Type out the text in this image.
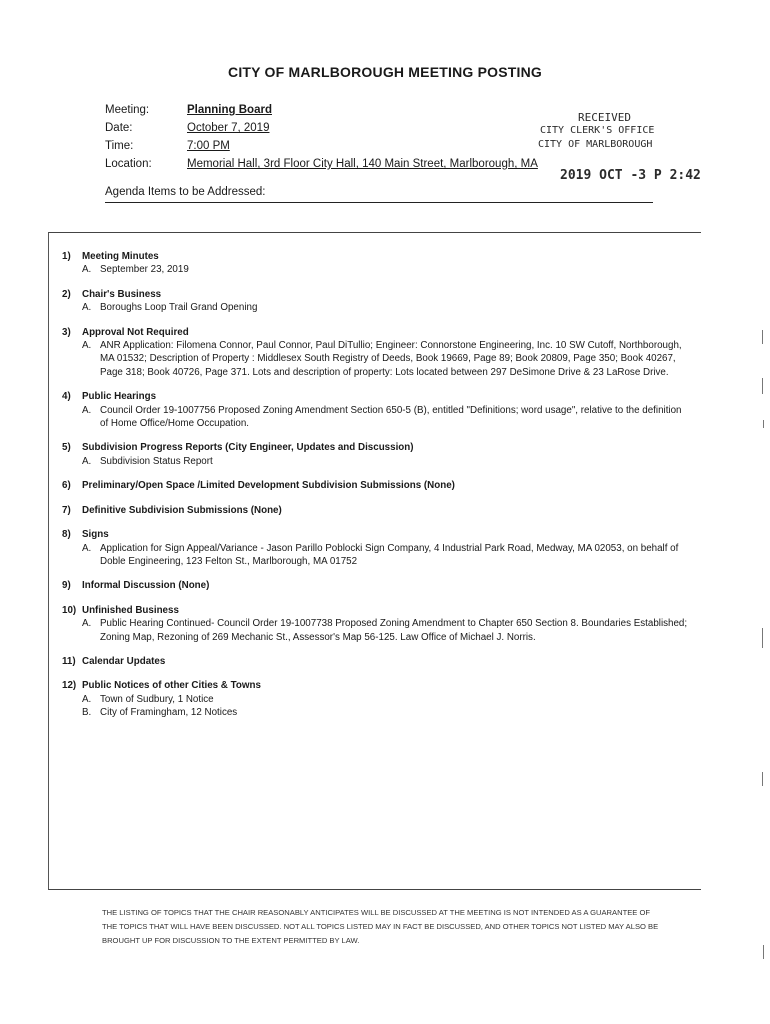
CITY OF MARLBOROUGH MEETING POSTING
Meeting:	Planning Board
Date:	October 7, 2019
Time:	7:00 PM
Location:	Memorial Hall, 3rd Floor City Hall, 140 Main Street, Marlborough, MA
Agenda Items to be Addressed:
RECEIVED
CITY CLERK'S OFFICE
CITY OF MARLBOROUGH
2019 OCT -3 P 2:42
1) Meeting Minutes
A. September 23, 2019
2) Chair's Business
A. Boroughs Loop Trail Grand Opening
3) Approval Not Required
A. ANR Application: Filomena Connor, Paul Connor, Paul DiTullio; Engineer: Connorstone Engineering, Inc. 10 SW Cutoff, Northborough, MA 01532; Description of Property : Middlesex South Registry of Deeds, Book 19669, Page 89; Book 20809, Page 350; Book 40267, Page 318; Book 40726, Page 371. Lots and description of property: Lots located between 297 DeSimone Drive & 23 LaRose Drive.
4) Public Hearings
A. Council Order 19-1007756 Proposed Zoning Amendment Section 650-5 (B), entitled "Definitions; word usage", relative to the definition of Home Office/Home Occupation.
5) Subdivision Progress Reports (City Engineer, Updates and Discussion)
A. Subdivision Status Report
6) Preliminary/Open Space /Limited Development Subdivision Submissions (None)
7) Definitive Subdivision Submissions (None)
8) Signs
A. Application for Sign Appeal/Variance - Jason Parillo Poblocki Sign Company, 4 Industrial Park Road, Medway, MA 02053, on behalf of Doble Engineering, 123 Felton St., Marlborough, MA 01752
9) Informal Discussion (None)
10) Unfinished Business
A. Public Hearing Continued- Council Order 19-1007738 Proposed Zoning Amendment to Chapter 650 Section 8. Boundaries Established; Zoning Map, Rezoning of 269 Mechanic St., Assessor's Map 56-125. Law Office of Michael J. Norris.
11) Calendar Updates
12) Public Notices of other Cities & Towns
A. Town of Sudbury, 1 Notice
B. City of Framingham, 12 Notices
THE LISTING OF TOPICS THAT THE CHAIR REASONABLY ANTICIPATES WILL BE DISCUSSED AT THE MEETING IS NOT INTENDED AS A GUARANTEE OF THE TOPICS THAT WILL HAVE BEEN DISCUSSED. NOT ALL TOPICS LISTED MAY IN FACT BE DISCUSSED, AND OTHER TOPICS NOT LISTED MAY ALSO BE BROUGHT UP FOR DISCUSSION TO THE EXTENT PERMITTED BY LAW.
